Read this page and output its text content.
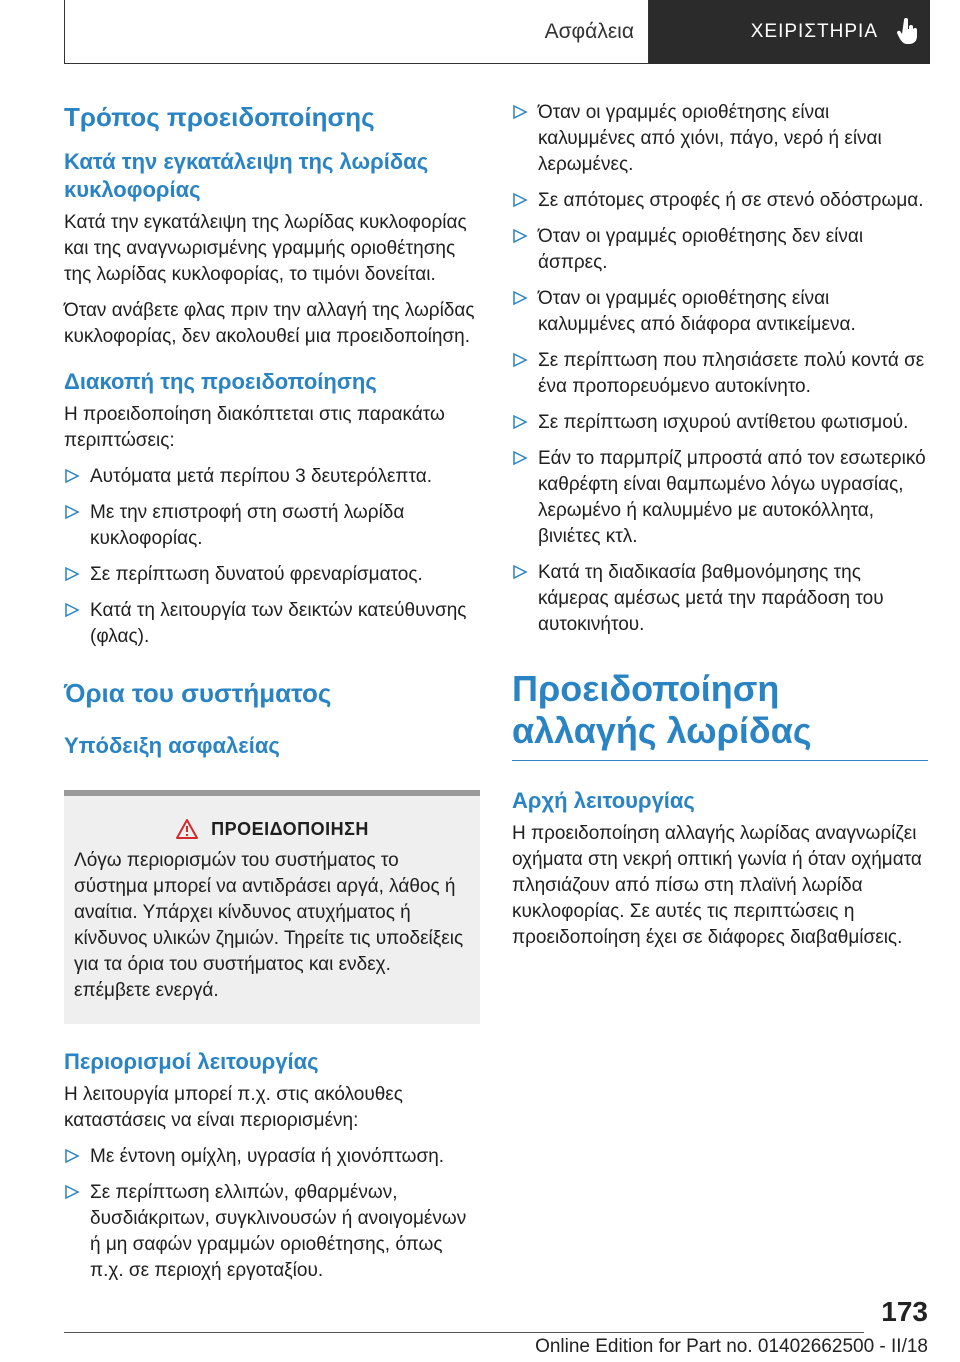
Ασφάλεια	ΧΕΙΡΙΣΤΗΡΙΑ
Τρόπος προειδοποίησης
Κατά την εγκατάλειψη της λωρίδας κυκλοφορίας

Κατά την εγκατάλειψη της λωρίδας κυκλοφορίας και της αναγνωρισμένης γραμμής οριοθέτησης της λωρίδας κυκλοφορίας, το τιμόνι δονείται.

Όταν ανάβετε φλας πριν την αλλαγή της λωρίδας κυκλοφορίας, δεν ακολουθεί μια προειδοποίηση.

Διακοπή της προειδοποίησης

Η προειδοποίηση διακόπτεται στις παρακάτω περιπτώσεις:

Αυτόματα μετά περίπου 3 δευτερόλεπτα.
Με την επιστροφή στη σωστή λωρίδα κυκλοφορίας.
Σε περίπτωση δυνατού φρεναρίσματος.
Κατά τη λειτουργία των δεικτών κατεύθυνσης (φλας).
Όρια του συστήματος
Υπόδειξη ασφαλείας
ΠΡΟΕΙΔΟΠΟΙΗΣΗ

Λόγω περιορισμών του συστήματος το σύστημα μπορεί να αντιδράσει αργά, λάθος ή αναίτια. Υπάρχει κίνδυνος ατυχήματος ή κίνδυνος υλικών ζημιών. Τηρείτε τις υποδείξεις για τα όρια του συστήματος και ενδεχ. επέμβετε ενεργά.

Περιορισμοί λειτουργίας

Η λειτουργία μπορεί π.χ. στις ακόλουθες καταστάσεις να είναι περιορισμένη:

Με έντονη ομίχλη, υγρασία ή χιονόπτωση.
Σε περίπτωση ελλιπών, φθαρμένων, δυσδιάκριτων, συγκλινουσών ή ανοιγομένων ή μη σαφών γραμμών οριοθέτησης, όπως π.χ. σε περιοχή εργοταξίου.
Όταν οι γραμμές οριοθέτησης είναι καλυμμένες από χιόνι, πάγο, νερό ή είναι λερωμένες.
Σε απότομες στροφές ή σε στενό οδόστρωμα.
Όταν οι γραμμές οριοθέτησης δεν είναι άσπρες.
Όταν οι γραμμές οριοθέτησης είναι καλυμμένες από διάφορα αντικείμενα.
Σε περίπτωση που πλησιάσετε πολύ κοντά σε ένα προπορευόμενο αυτοκίνητο.
Σε περίπτωση ισχυρού αντίθετου φωτισμού.
Εάν το παρμπρίζ μπροστά από τον εσωτερικό καθρέφτη είναι θαμπωμένο λόγω υγρασίας, λερωμένο ή καλυμμένο με αυτοκόλλητα, βινιέτες κτλ.
Κατά τη διαδικασία βαθμονόμησης της κάμερας αμέσως μετά την παράδοση του αυτοκινήτου.
Προειδοποίηση αλλαγής λωρίδας
Αρχή λειτουργίας

Η προειδοποίηση αλλαγής λωρίδας αναγνωρίζει οχήματα στη νεκρή οπτική γωνία ή όταν οχήματα πλησιάζουν από πίσω στη πλαϊνή λωρίδα κυκλοφορίας. Σε αυτές τις περιπτώσεις η προειδοποίηση έχει σε διάφορες διαβαθμίσεις.

173
Online Edition for Part no. 01402662500 - II/18
